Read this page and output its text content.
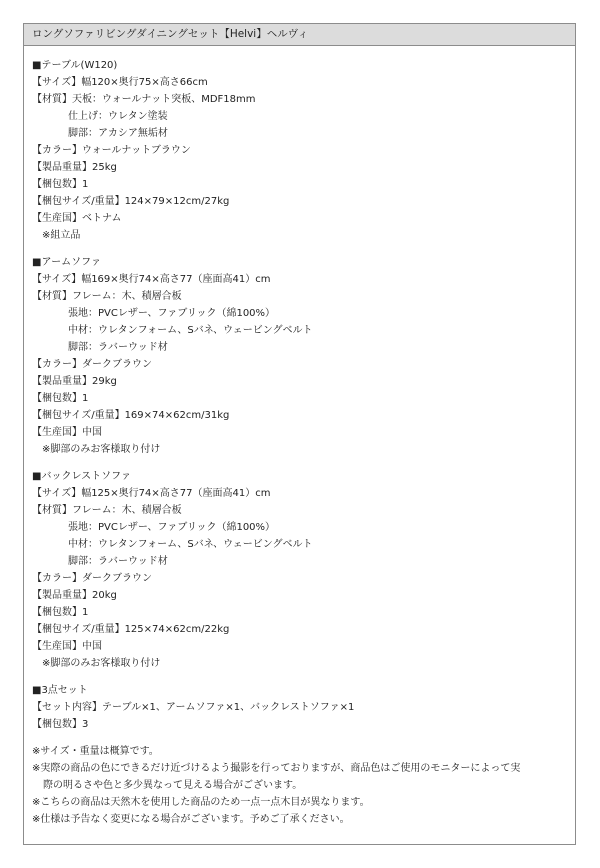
ロングソファリビングダイニングセット【Helvi】ヘルヴィ
■テーブル(W120)
【サイズ】幅120×奥行75×高さ66cm
【材質】天板：ウォールナット突板、MDF18mm
仕上げ：ウレタン塗装
脚部：アカシア無垢材
【カラー】ウォールナットブラウン
【製品重量】25kg
【梱包数】1
【梱包サイズ/重量】124×79×12cm/27kg
【生産国】ベトナム
※組立品
■アームソファ
【サイズ】幅169×奥行74×高さ77（座面高41）cm
【材質】フレーム：木、積層合板
張地：PVCレザー、ファブリック（綿100%）
中材：ウレタンフォーム、Sバネ、ウェービングベルト
脚部：ラバーウッド材
【カラー】ダークブラウン
【製品重量】29kg
【梱包数】1
【梱包サイズ/重量】169×74×62cm/31kg
【生産国】中国
※脚部のみお客様取り付け
■バックレストソファ
【サイズ】幅125×奥行74×高さ77（座面高41）cm
【材質】フレーム：木、積層合板
張地：PVCレザー、ファブリック（綿100%）
中材：ウレタンフォーム、Sバネ、ウェービングベルト
脚部：ラバーウッド材
【カラー】ダークブラウン
【製品重量】20kg
【梱包数】1
【梱包サイズ/重量】125×74×62cm/22kg
【生産国】中国
※脚部のみお客様取り付け
■3点セット
【セット内容】テーブル×1、アームソファ×1、バックレストソファ×1
【梱包数】3
※サイズ・重量は概算です。
※実際の商品の色にできるだけ近づけるよう撮影を行っておりますが、商品色はご使用のモニターによって実
際の明るさや色と多少異なって見える場合がございます。
※こちらの商品は天然木を使用した商品のため一点一点木目が異なります。
※仕様は予告なく変更になる場合がございます。予めご了承ください。
